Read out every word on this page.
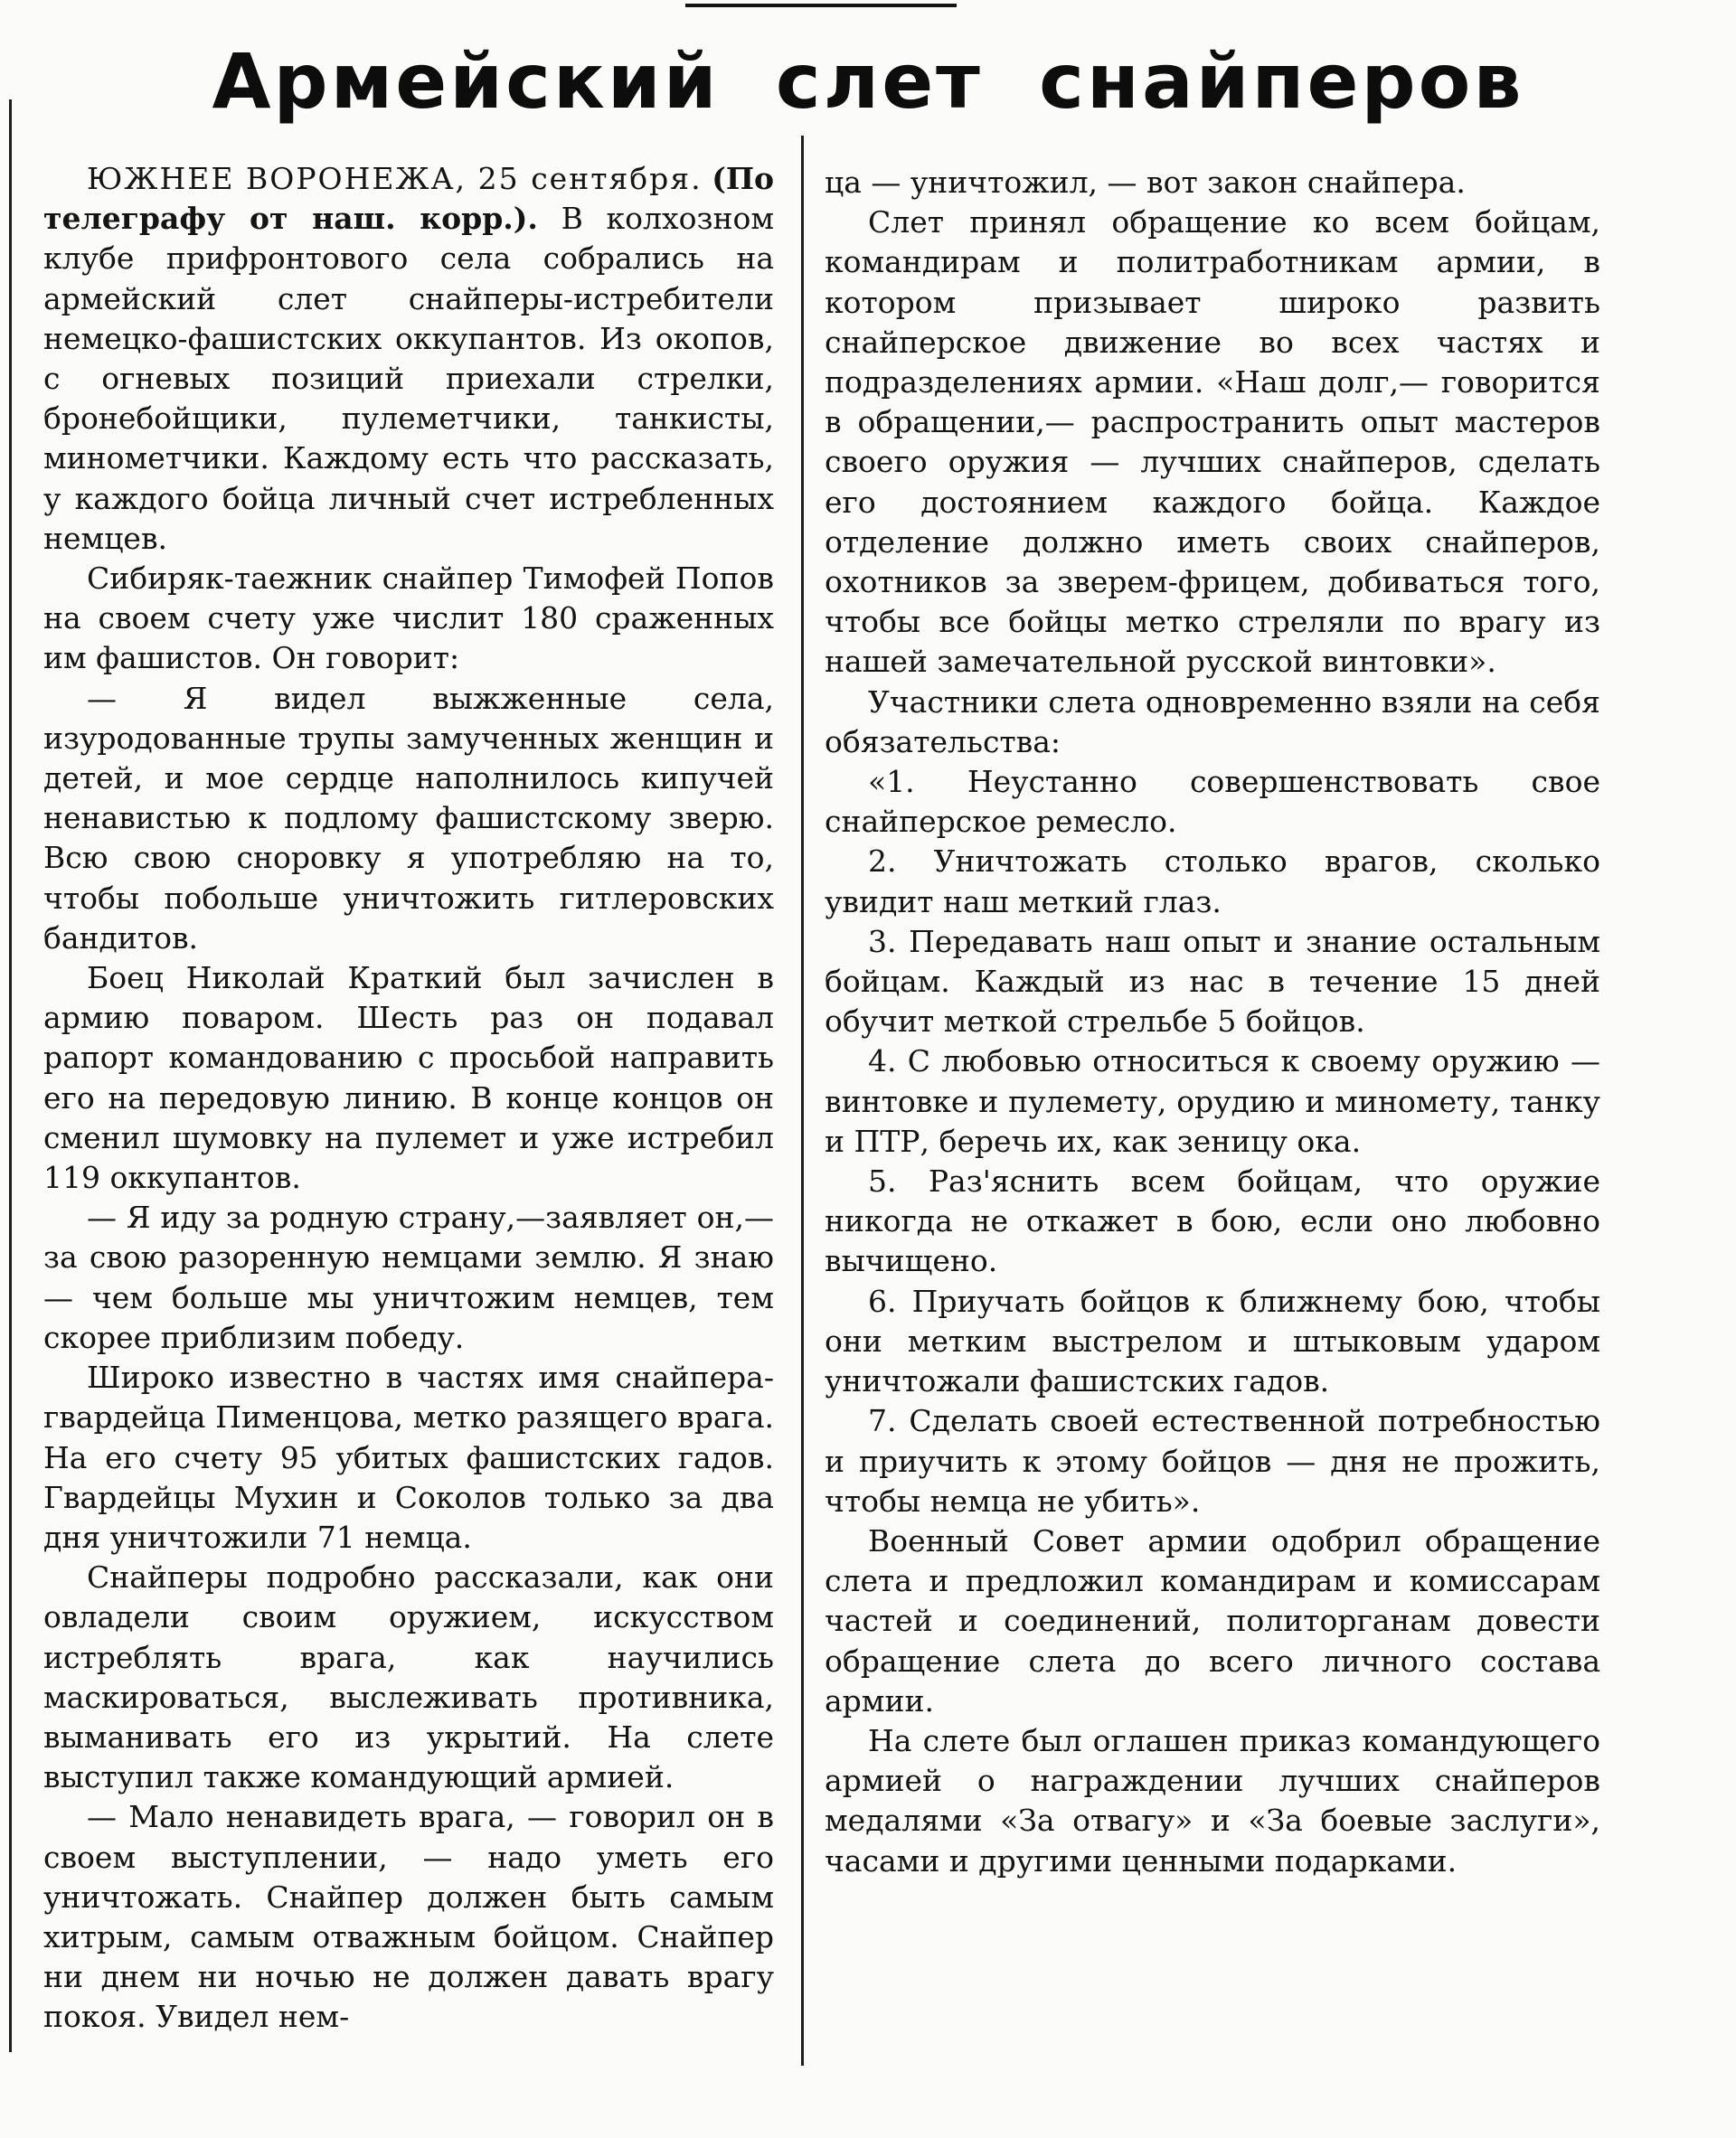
Армейский слет снайперов

ЮЖНЕЕ ВОРОНЕЖА, 25 сентября. (По телеграфу от наш. корр.). В колхозном клубе прифронтового села собрались на армейский слет снайперы-истребители немецко-фашистских оккупантов. Из окопов, с огневых позиций приехали стрелки, бронебойщики, пулеметчики, танкисты, минометчики. Каждому есть что рассказать, у каждого бойца личный счет истребленных немцев.

Сибиряк-таежник снайпер Тимофей Попов на своем счету уже числит 180 сраженных им фашистов. Он говорит:

— Я видел выжженные села, изуродованные трупы замученных женщин и детей, и мое сердце наполнилось кипучей ненавистью к подлому фашистскому зверю. Всю свою сноровку я употребляю на то, чтобы побольше уничтожить гитлеровских бандитов.

Боец Николай Краткий был зачислен в армию поваром. Шесть раз он подавал рапорт командованию с просьбой направить его на передовую линию. В конце концов он сменил шумовку на пулемет и уже истребил 119 оккупантов.

— Я иду за родную страну,—заявляет он,— за свою разоренную немцами землю. Я знаю — чем больше мы уничтожим немцев, тем скорее приблизим победу.

Широко известно в частях имя снайпера-гвардейца Пименцова, метко разящего врага. На его счету 95 убитых фашистских гадов. Гвардейцы Мухин и Соколов только за два дня уничтожили 71 немца.

Снайперы подробно рассказали, как они овладели своим оружием, искусством истреблять врага, как научились маскироваться, выслеживать противника, выманивать его из укрытий. На слете выступил также командующий армией.

— Мало ненавидеть врага, — говорил он в своем выступлении, — надо уметь его уничтожать. Снайпер должен быть самым хитрым, самым отважным бойцом. Снайпер ни днем ни ночью не должен давать врагу покоя. Увидел нем-

ца — уничтожил, — вот закон снайпера.

Слет принял обращение ко всем бойцам, командирам и политработникам армии, в котором призывает широко развить снайперское движение во всех частях и подразделениях армии. «Наш долг,— говорится в обращении,— распространить опыт мастеров своего оружия — лучших снайперов, сделать его достоянием каждого бойца. Каждое отделение должно иметь своих снайперов, охотников за зверем-фрицем, добиваться того, чтобы все бойцы метко стреляли по врагу из нашей замечательной русской винтовки».

Участники слета одновременно взяли на себя обязательства:

«1. Неустанно совершенствовать свое снайперское ремесло.

2. Уничтожать столько врагов, сколько увидит наш меткий глаз.

3. Передавать наш опыт и знание остальным бойцам. Каждый из нас в течение 15 дней обучит меткой стрельбе 5 бойцов.

4. С любовью относиться к своему оружию — винтовке и пулемету, орудию и миномету, танку и ПТР, беречь их, как зеницу ока.

5. Раз'яснить всем бойцам, что оружие никогда не откажет в бою, если оно любовно вычищено.

6. Приучать бойцов к ближнему бою, чтобы они метким выстрелом и штыковым ударом уничтожали фашистских гадов.

7. Сделать своей естественной потребностью и приучить к этому бойцов — дня не прожить, чтобы немца не убить».

Военный Совет армии одобрил обращение слета и предложил командирам и комиссарам частей и соединений, политорганам довести обращение слета до всего личного состава армии.

На слете был оглашен приказ командующего армией о награждении лучших снайперов медалями «За отвагу» и «За боевые заслуги», часами и другими ценными подарками.
